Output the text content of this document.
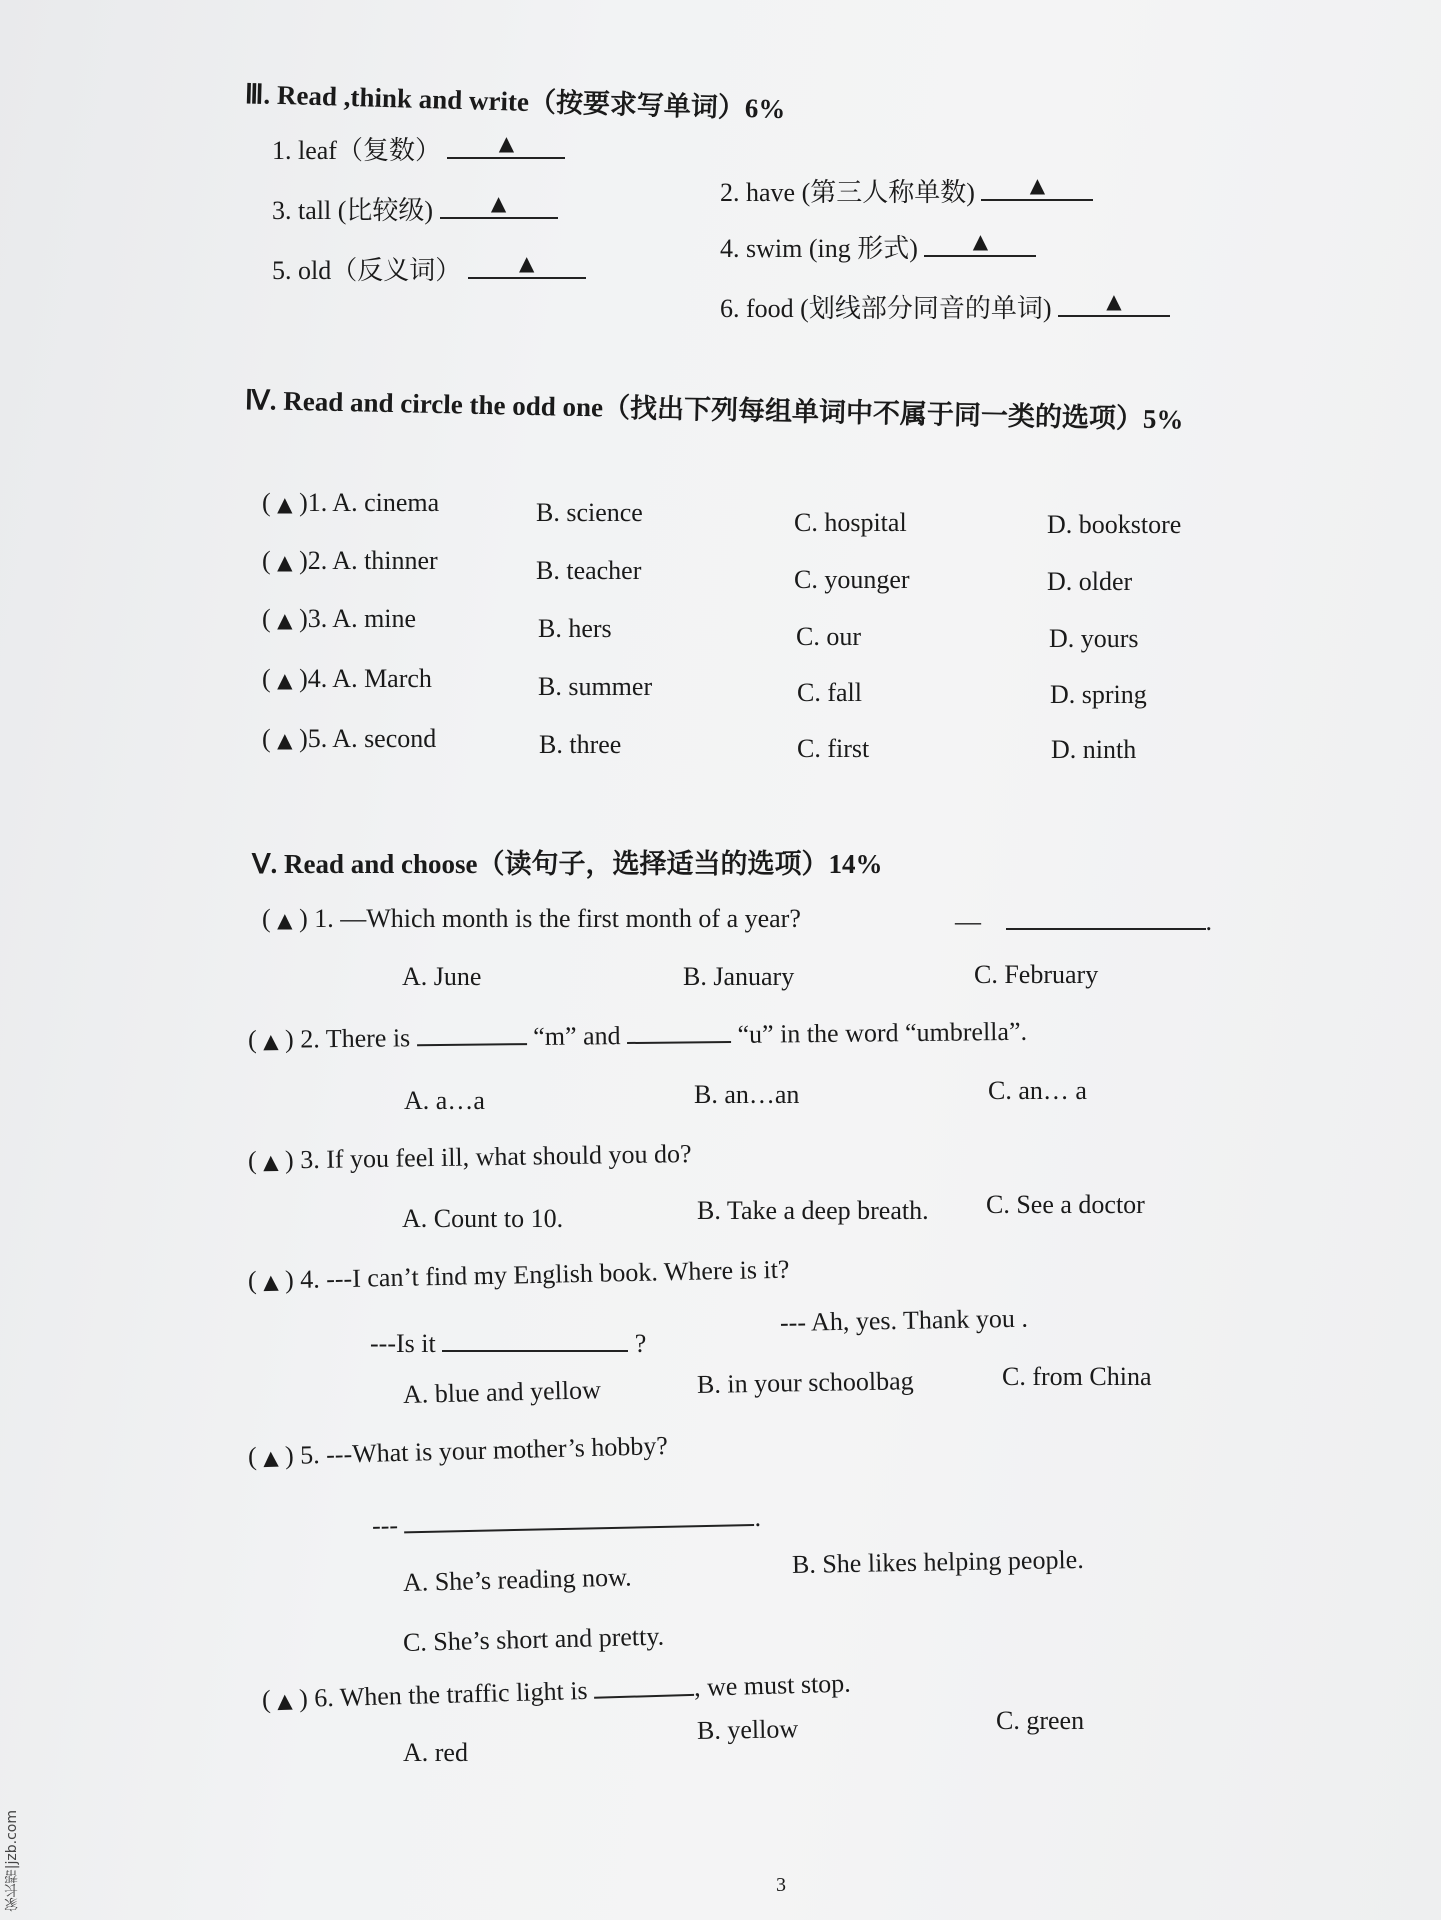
Ⅲ. Read ,think and write（按要求写单词）6%
1. leaf（复数）	▲
2. have (第三人称单数)	▲
3. tall (比较级)	▲
4. swim (ing 形式)	▲
5. old（反义词）	▲
6. food (划线部分同音的单词)	▲
Ⅳ. Read and circle the odd one（找出下列每组单词中不属于同一类的选项）5%
( ▲ )1. A. cinema	B. science	C. hospital	D. bookstore
( ▲ )2. A. thinner	B. teacher	C. younger	D. older
( ▲ )3. A. mine	B. hers	C. our	D. yours
( ▲ )4. A. March	B. summer	C. fall	D. spring
( ▲ )5. A. second	B. three	C. first	D. ninth
Ⅴ. Read and choose（读句子，选择适当的选项）14%
( ▲ ) 1. —Which month is the first month of a year?	—	.
A. June	B. January	C. February
( ▲ ) 2. There is	“m” and	“u” in the word “umbrella”.
A. a…a	B. an…an	C. an… a
( ▲ ) 3. If you feel ill, what should you do?
A. Count to 10.	B. Take a deep breath. C. See a doctor
( ▲ ) 4. ---I can’t find my English book. Where is it?
---Is it	?
--- Ah, yes. Thank you .
A. blue and yellow	B. in your schoolbag	C. from China
( ▲ ) 5. ---What is your mother’s hobby?
---	.
A. She’s reading now.
B. She likes helping people.
C. She’s short and pretty.
( ▲ ) 6. When the traffic light is	, we must stop.
A. red
B. yellow	C. green
3
家长帮|jzb.com
